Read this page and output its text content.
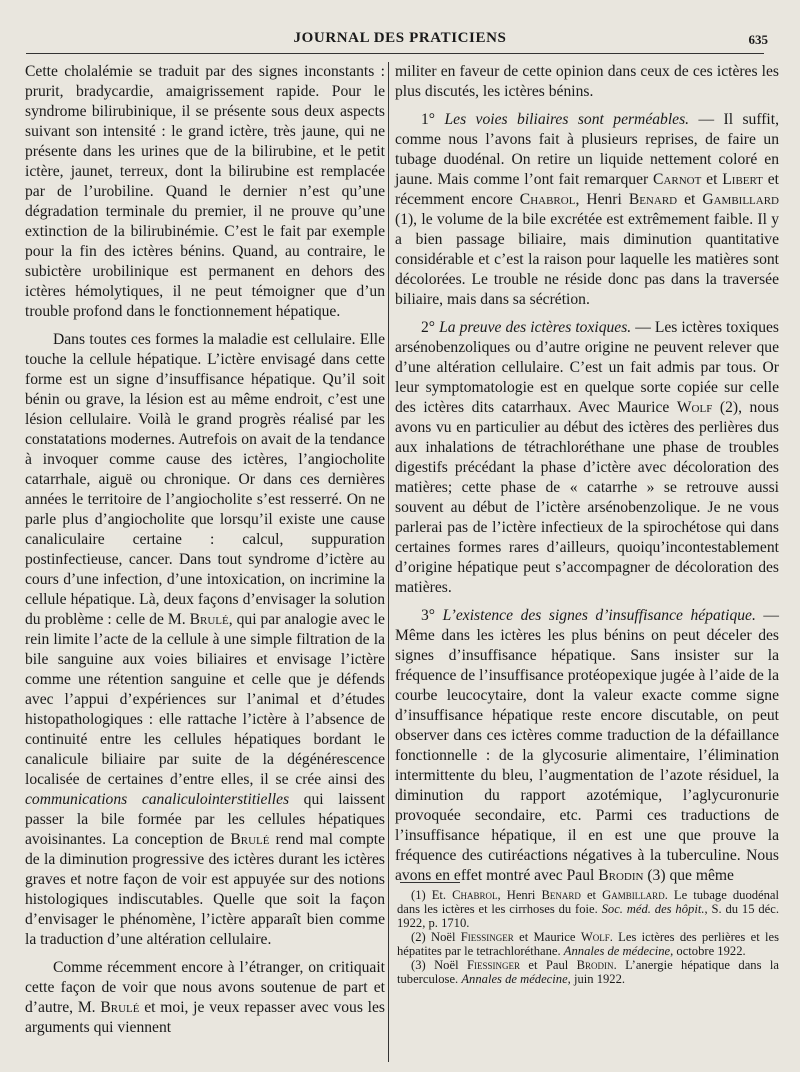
JOURNAL DES PRATICIENS	635

Cette cholalémie se traduit par des signes inconstants : prurit, bradycardie, amaigrissement rapide. Pour le syndrome bilirubinique, il se présente sous deux aspects suivant son intensité : le grand ictère, très jaune, qui ne présente dans les urines que de la bilirubine, et le petit ictère, jaunet, terreux, dont la bilirubine est remplacée par de l’urobiline. Quand le dernier n’est qu’une dégradation terminale du premier, il ne prouve qu’une extinction de la bilirubinémie. C’est le fait par exemple pour la fin des ictères bénins. Quand, au contraire, le subictère urobilinique est permanent en dehors des ictères hémolytiques, il ne peut témoigner que d’un trouble profond dans le fonctionnement hépatique.

Dans toutes ces formes la maladie est cellulaire. Elle touche la cellule hépatique. L’ictère envisagé dans cette forme est un signe d’insuffisance hépatique. Qu’il soit bénin ou grave, la lésion est au même endroit, c’est une lésion cellulaire. Voilà le grand progrès réalisé par les constatations modernes. Autrefois on avait de la tendance à invoquer comme cause des ictères, l’angiocholite catarrhale, aiguë ou chronique. Or dans ces dernières années le territoire de l’angiocholite s’est resserré. On ne parle plus d’angiocholite que lorsqu’il existe une cause canaliculaire certaine : calcul, suppuration postinfectieuse, cancer. Dans tout syndrome d’ictère au cours d’une infection, d’une intoxication, on incrimine la cellule hépatique. Là, deux façons d’envisager la solution du problème : celle de M. Brulé, qui par analogie avec le rein limite l’acte de la cellule à une simple filtration de la bile sanguine aux voies biliaires et envisage l’ictère comme une rétention sanguine et celle que je défends avec l’appui d’expériences sur l’animal et d’études histopathologiques : elle rattache l’ictère à l’absence de continuité entre les cellules hépatiques bordant le canalicule biliaire par suite de la dégénérescence localisée de certaines d’entre elles, il se crée ainsi des communications canaliculointerstitielles qui laissent passer la bile formée par les cellules hépatiques avoisinantes. La conception de Brulé rend mal compte de la diminution progressive des ictères durant les ictères graves et notre façon de voir est appuyée sur des notions histologiques indiscutables. Quelle que soit la façon d’envisager le phénomène, l’ictère apparaît bien comme la traduction d’une altération cellulaire.

Comme récemment encore à l’étranger, on critiquait cette façon de voir que nous avons soutenue de part et d’autre, M. Brulé et moi, je veux repasser avec vous les arguments qui viennent

militer en faveur de cette opinion dans ceux de ces ictères les plus discutés, les ictères bénins.

1° Les voies biliaires sont perméables. — Il suffit, comme nous l’avons fait à plusieurs reprises, de faire un tubage duodénal. On retire un liquide nettement coloré en jaune. Mais comme l’ont fait remarquer Carnot et Libert et récemment encore Chabrol, Henri Benard et Gambillard (1), le volume de la bile excrétée est extrêmement faible. Il y a bien passage biliaire, mais diminution quantitative considérable et c’est la raison pour laquelle les matières sont décolorées. Le trouble ne réside donc pas dans la traversée biliaire, mais dans sa sécrétion.

2° La preuve des ictères toxiques. — Les ictères toxiques arsénobenzoliques ou d’autre origine ne peuvent relever que d’une altération cellulaire. C’est un fait admis par tous. Or leur symptomatologie est en quelque sorte copiée sur celle des ictères dits catarrhaux. Avec Maurice Wolf (2), nous avons vu en particulier au début des ictères des perlières dus aux inhalations de tétrachloréthane une phase de troubles digestifs précédant la phase d’ictère avec décoloration des matières; cette phase de « catarrhe » se retrouve aussi souvent au début de l’ictère arsénobenzolique. Je ne vous parlerai pas de l’ictère infectieux de la spirochétose qui dans certaines formes rares d’ailleurs, quoiqu’incontestablement d’origine hépatique peut s’accompagner de décoloration des matières.

3° L’existence des signes d’insuffisance hépatique. — Même dans les ictères les plus bénins on peut déceler des signes d’insuffisance hépatique. Sans insister sur la fréquence de l’insuffisance protéopexique jugée à l’aide de la courbe leucocytaire, dont la valeur exacte comme signe d’insuffisance hépatique reste encore discutable, on peut observer dans ces ictères comme traduction de la défaillance fonctionnelle : de la glycosurie alimentaire, l’élimination intermittente du bleu, l’augmentation de l’azote résiduel, la diminution du rapport azotémique, l’aglycuronurie provoquée secondaire, etc. Parmi ces traductions de l’insuffisance hépatique, il en est une que prouve la fréquence des cutiréactions négatives à la tuberculine. Nous avons en effet montré avec Paul Brodin (3) que même

(1) Et. Chabrol, Henri Benard et Gambillard. Le tubage duodénal dans les ictères et les cirrhoses du foie. Soc. méd. des hôpit., S. du 15 déc. 1922, p. 1710.

(2) Noël Fiessinger et Maurice Wolf. Les ictères des perlières et les hépatites par le tetrachloréthane. Annales de médecine, octobre 1922.

(3) Noël Fiessinger et Paul Brodin. L’anergie hépatique dans la tuberculose. Annales de médecine, juin 1922.
